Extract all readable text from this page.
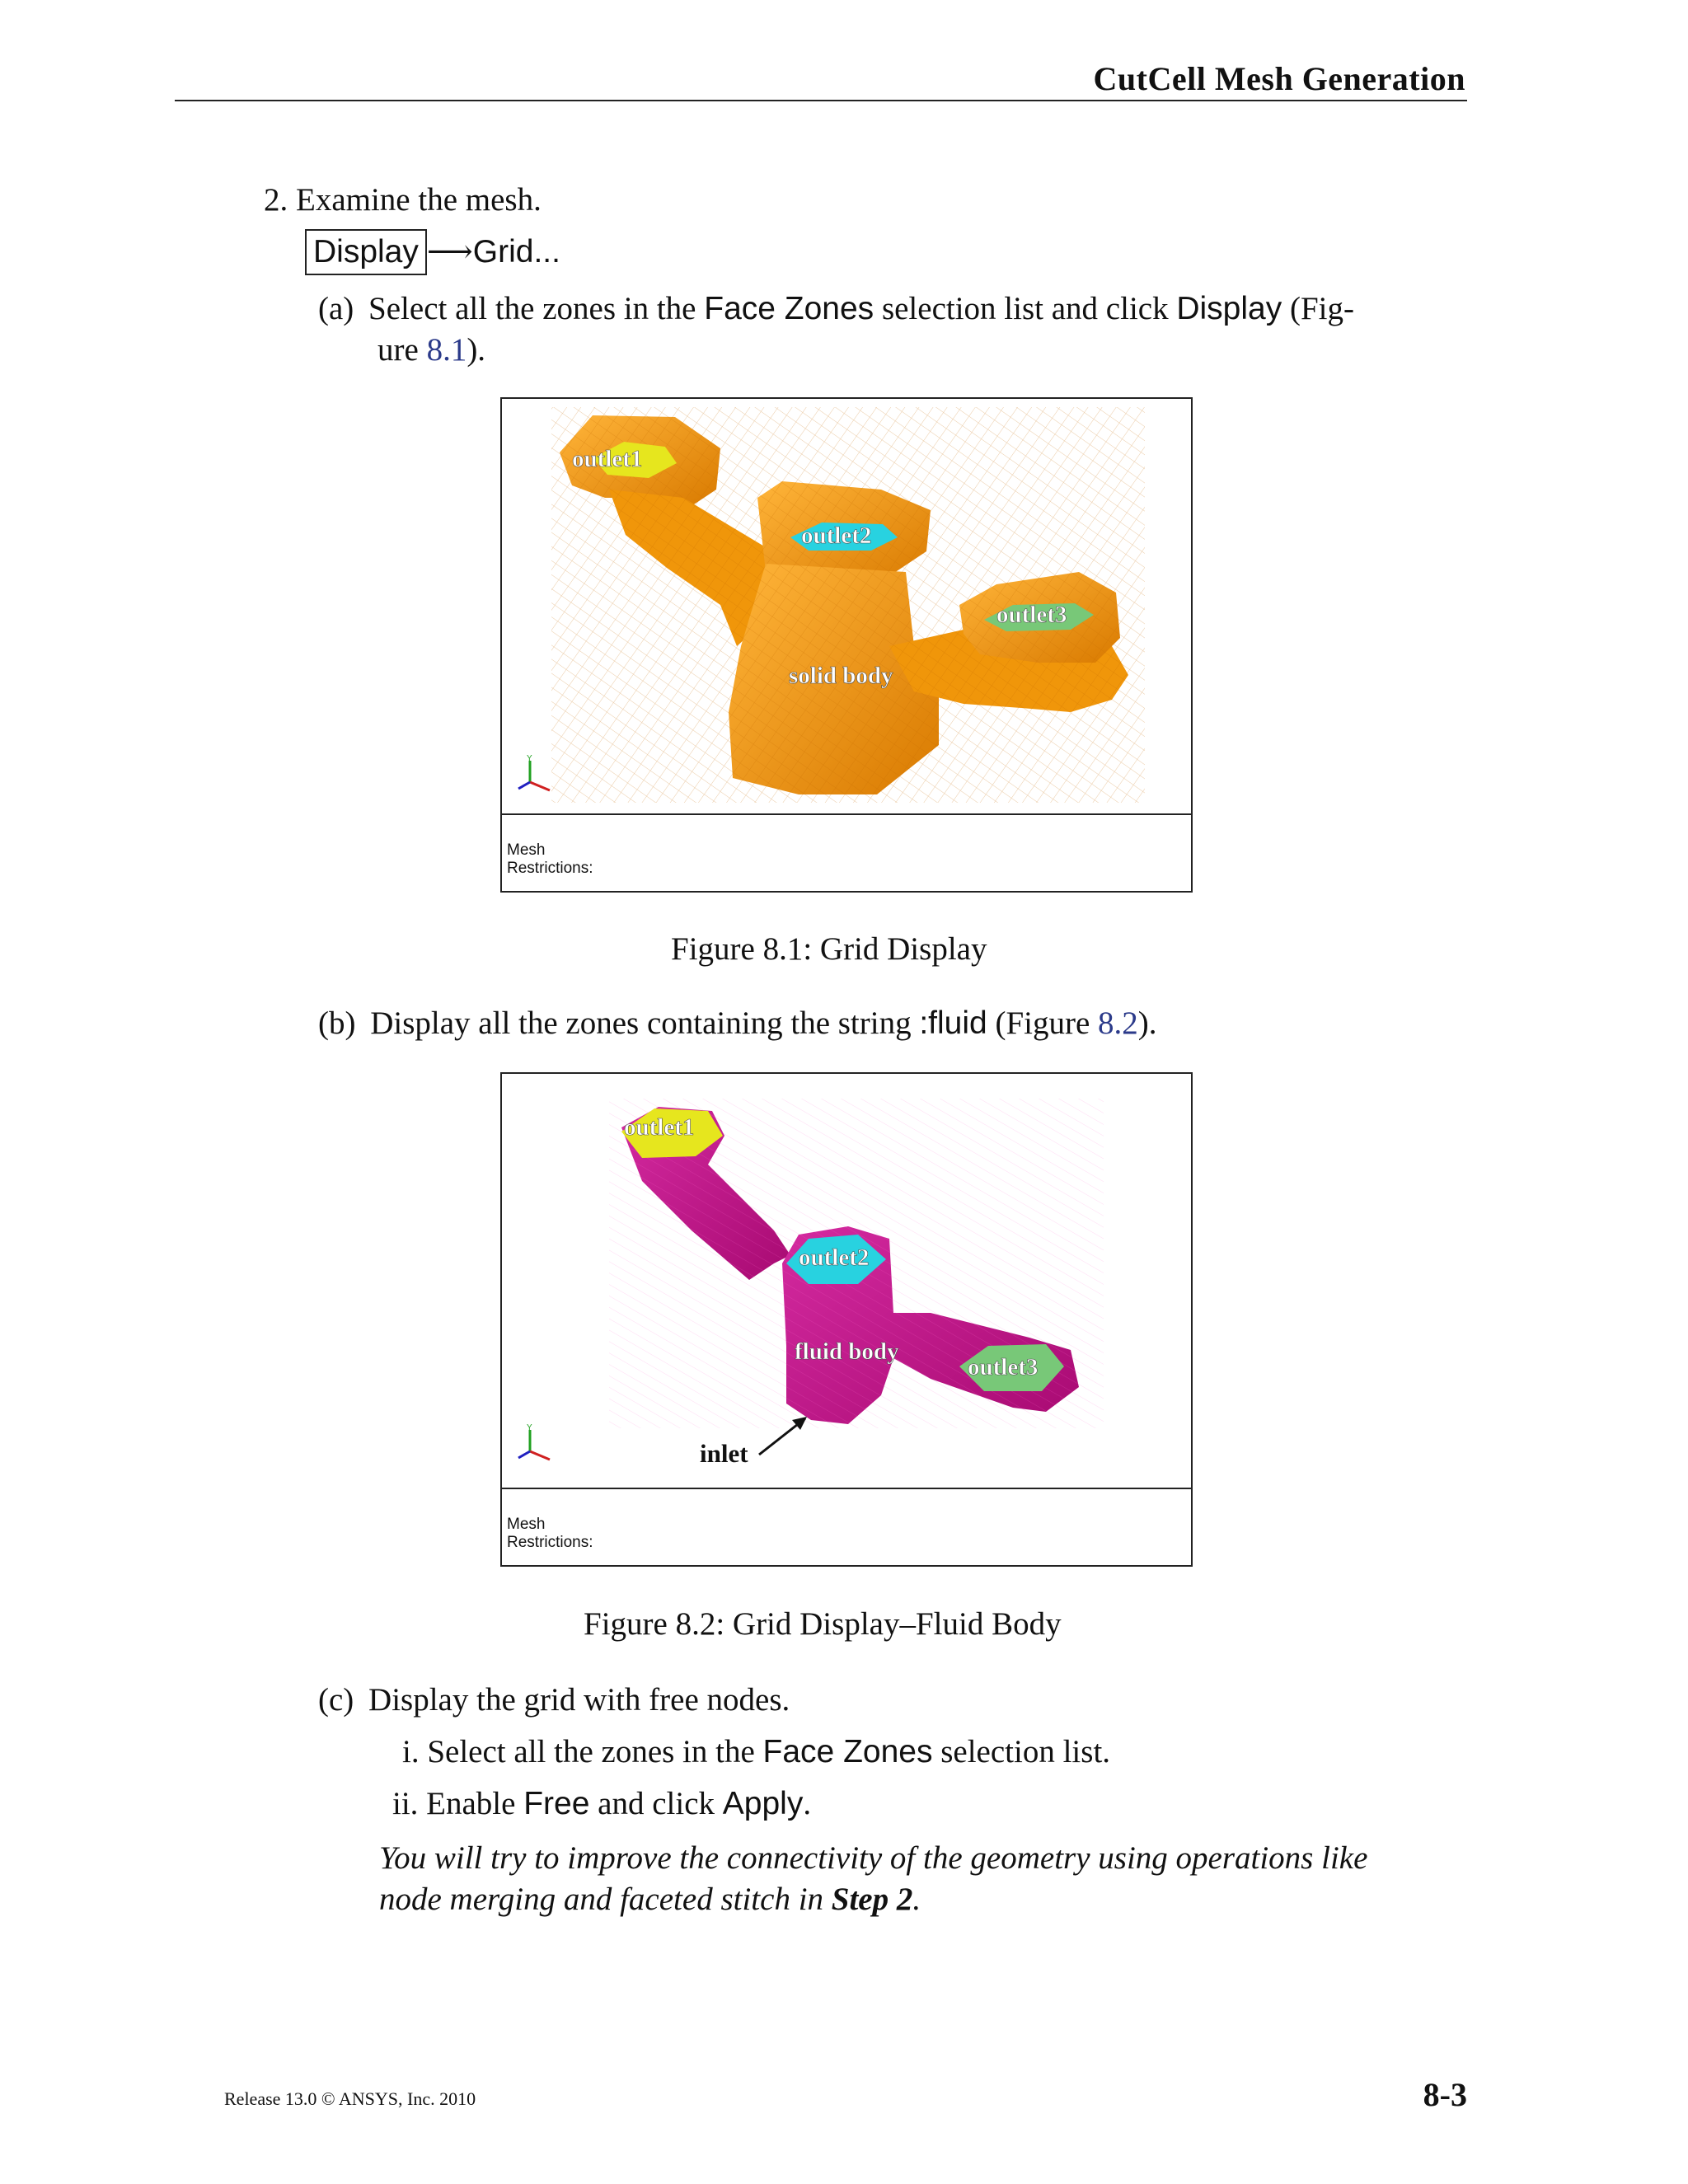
CutCell Mesh Generation
2. Examine the mesh.
Display ⟶Grid...
(a) Select all the zones in the Face Zones selection list and click Display (Fig-
ure 8.1).
outlet1
outlet2
outlet3
solid body
Y
Mesh
Restrictions:
Figure 8.1: Grid Display
(b) Display all the zones containing the string :fluid (Figure 8.2).
outlet1
outlet2
outlet3
fluid body
inlet
Y
Mesh
Restrictions:
Figure 8.2: Grid Display–Fluid Body
(c) Display the grid with free nodes.
i. Select all the zones in the Face Zones selection list.
ii. Enable Free and click Apply.
You will try to improve the connectivity of the geometry using operations like
node merging and faceted stitch in Step 2.
Release 13.0 © ANSYS, Inc. 2010	8-3
